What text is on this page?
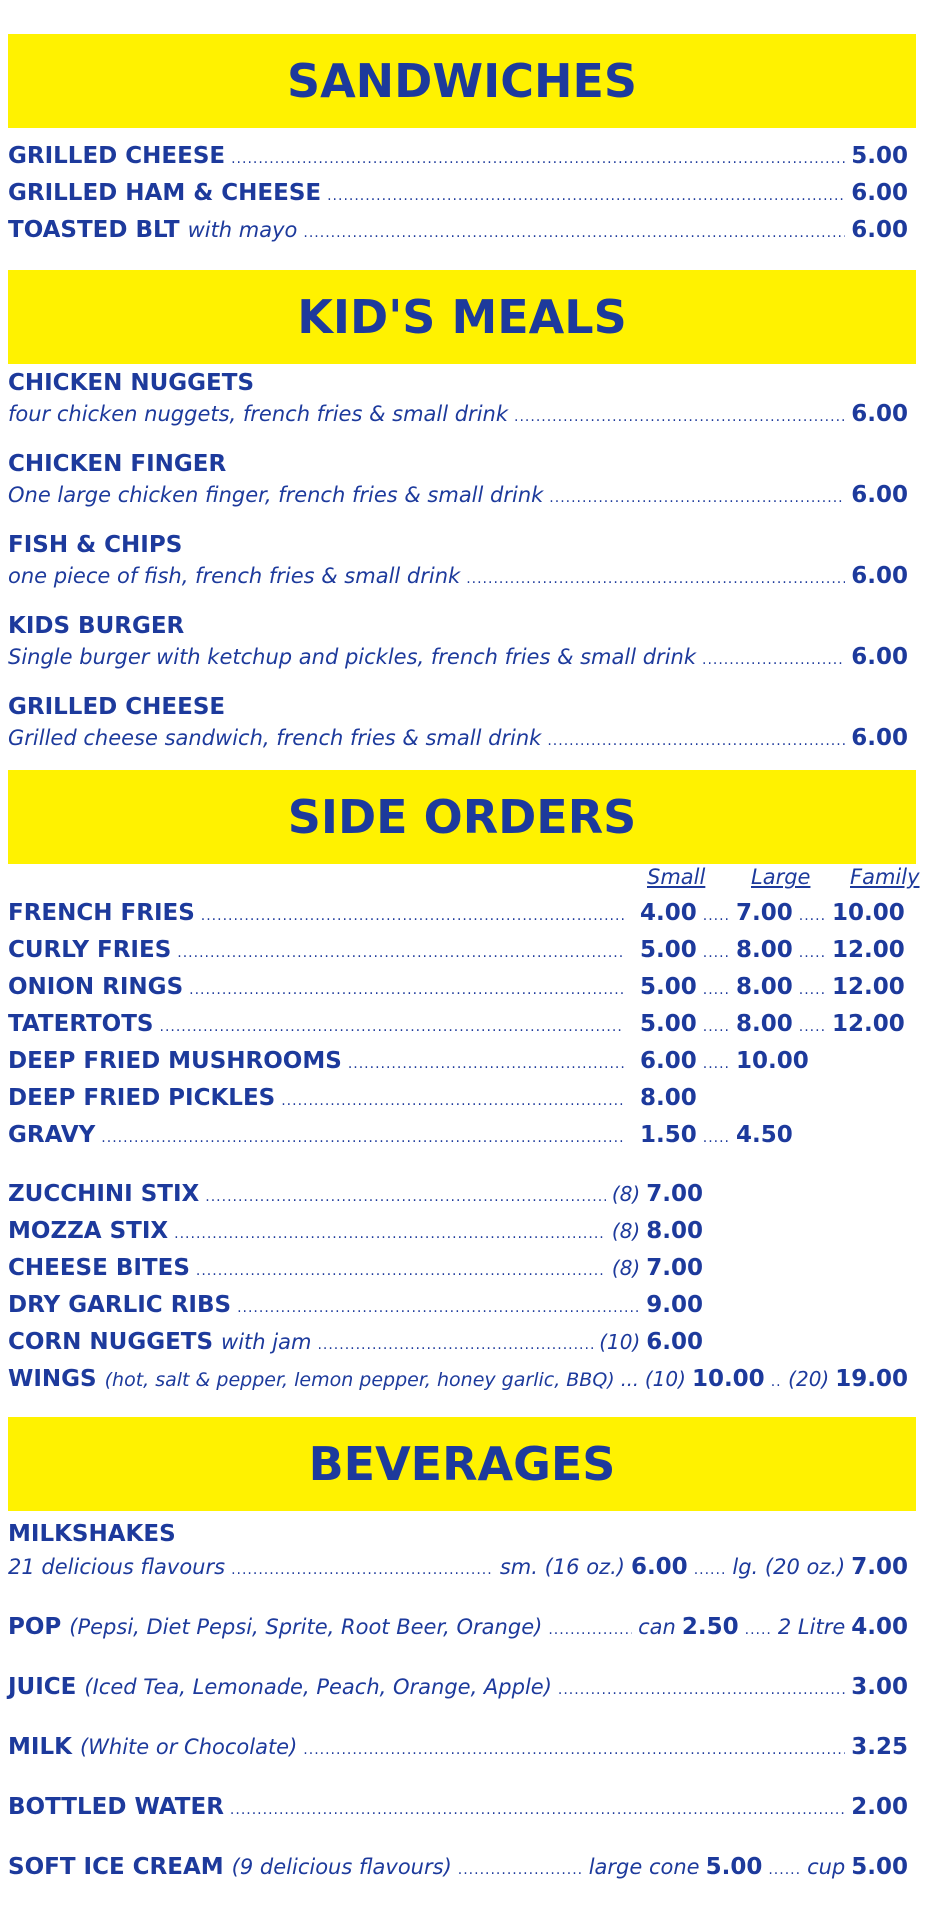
SANDWICHES
GRILLED CHEESE .....	5.00
GRILLED HAM & CHEESE .....	6.00
TOASTED BLT with mayo .....	6.00
KID'S MEALS
CHICKEN NUGGETS
four chicken nuggets, french fries & small drink .....	6.00
CHICKEN FINGER
One large chicken finger, french fries & small drink .....	6.00
FISH & CHIPS
one piece of fish, french fries & small drink .....	6.00
KIDS BURGER
Single burger with ketchup and pickles, french fries & small drink .....	6.00
GRILLED CHEESE
Grilled cheese sandwich, french fries & small drink .....	6.00
SIDE ORDERS
Small Large Family
FRENCH FRIES .....	4.00 ..... 7.00 ..... 10.00
CURLY FRIES .....	5.00 ..... 8.00 ..... 12.00
ONION RINGS .....	5.00 ..... 8.00 ..... 12.00
TATERTOTS .....	5.00 ..... 8.00 ..... 12.00
DEEP FRIED MUSHROOMS .....	6.00 ..... 10.00
DEEP FRIED PICKLES .....	8.00
GRAVY .....	1.50 ..... 4.50
ZUCCHINI STIX .....	(8) 7.00
MOZZA STIX .....	(8) 8.00
CHEESE BITES .....	(8) 7.00
DRY GARLIC RIBS .....	9.00
CORN NUGGETS with jam .....	(10) 6.00
WINGS (hot, salt & pepper, lemon pepper, honey garlic, BBQ) ... (10) 10.00 ..... (20) 19.00
BEVERAGES
MILKSHAKES
21 delicious flavours .....	sm. (16 oz.) 6.00 ...... lg. (20 oz.) 7.00
POP (Pepsi, Diet Pepsi, Sprite, Root Beer, Orange) .....	can 2.50 ..... 2 Litre 4.00
JUICE (Iced Tea, Lemonade, Peach, Orange, Apple) .....	3.00
MILK (White or Chocolate) .....	3.25
BOTTLED WATER .....	2.00
SOFT ICE CREAM (9 delicious flavours) .....	large cone 5.00 ...... cup 5.00
